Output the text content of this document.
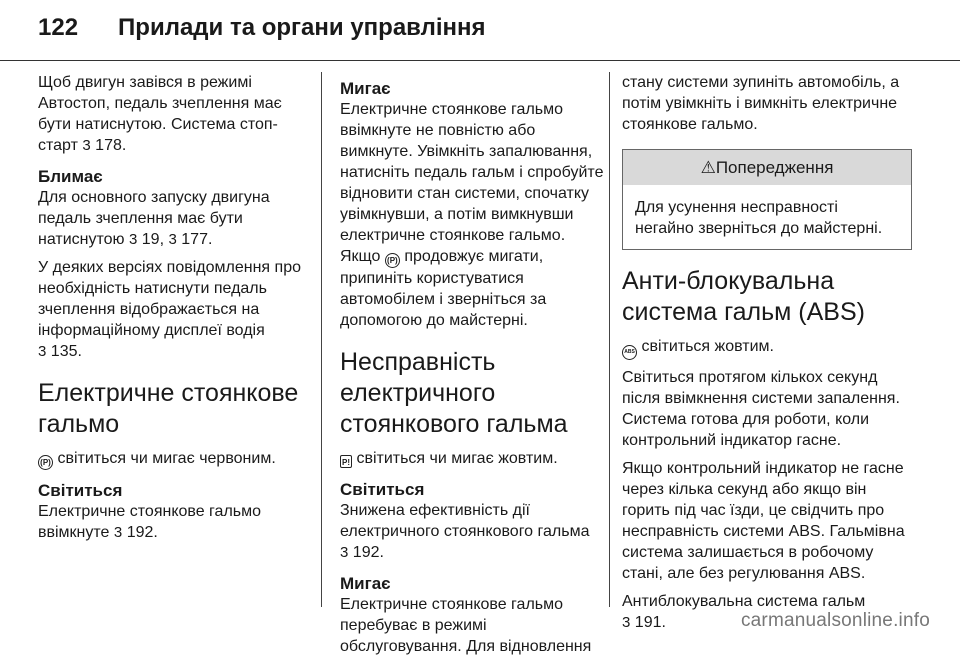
122 Прилади та органи управління

Щоб двигун завівся в режимі Автостоп, педаль зчеплення має бути натиснутою. Система стоп-старт 3 178.

Блимає

Для основного запуску двигуна педаль зчеплення має бути натиснутою 3 19, 3 177.

У деяких версіях повідомлення про необхідність натиснути педаль зчеплення відображається на інформаційному дисплеї водія
3 135.

Електричне стоянкове гальмо

(P) світиться чи мигає червоним.

Світиться

Електричне стоянкове гальмо ввімкнуте 3 192.

Мигає

Електричне стоянкове гальмо ввімкнуте не повністю або вимкнуте. Увімкніть запалювання, натисніть педаль гальм і спробуйте відновити стан системи, спочатку увімкнувши, а потім вимкнувши електричне стоянкове гальмо. Якщо (P) продовжує мигати, припиніть користуватися автомобілем і зверніться за допомогою до майстерні.

Несправність електричного стоянкового гальма

P! світиться чи мигає жовтим.

Світиться

Знижена ефективність дії електричного стоянкового гальма
3 192.

Мигає

Електричне стоянкове гальмо перебуває в режимі обслуговування. Для відновлення

стану системи зупиніть автомобіль, а потім увімкніть і вимкніть електричне стоянкове гальмо.

⚠Попередження
Для усунення несправності негайно зверніться до майстерні.
Анти-блокувальна система гальм (ABS)

ABS світиться жовтим.

Світиться протягом кількох секунд після ввімкнення системи запалення. Система готова для роботи, коли контрольний індикатор гасне.

Якщо контрольний індикатор не гасне через кілька секунд або якщо він горить під час їзди, це свідчить про несправність системи ABS. Гальмівна система залишається в робочому стані, але без регулювання ABS.

Антиблокувальна система гальм
3 191.	carmanualsonline.info
